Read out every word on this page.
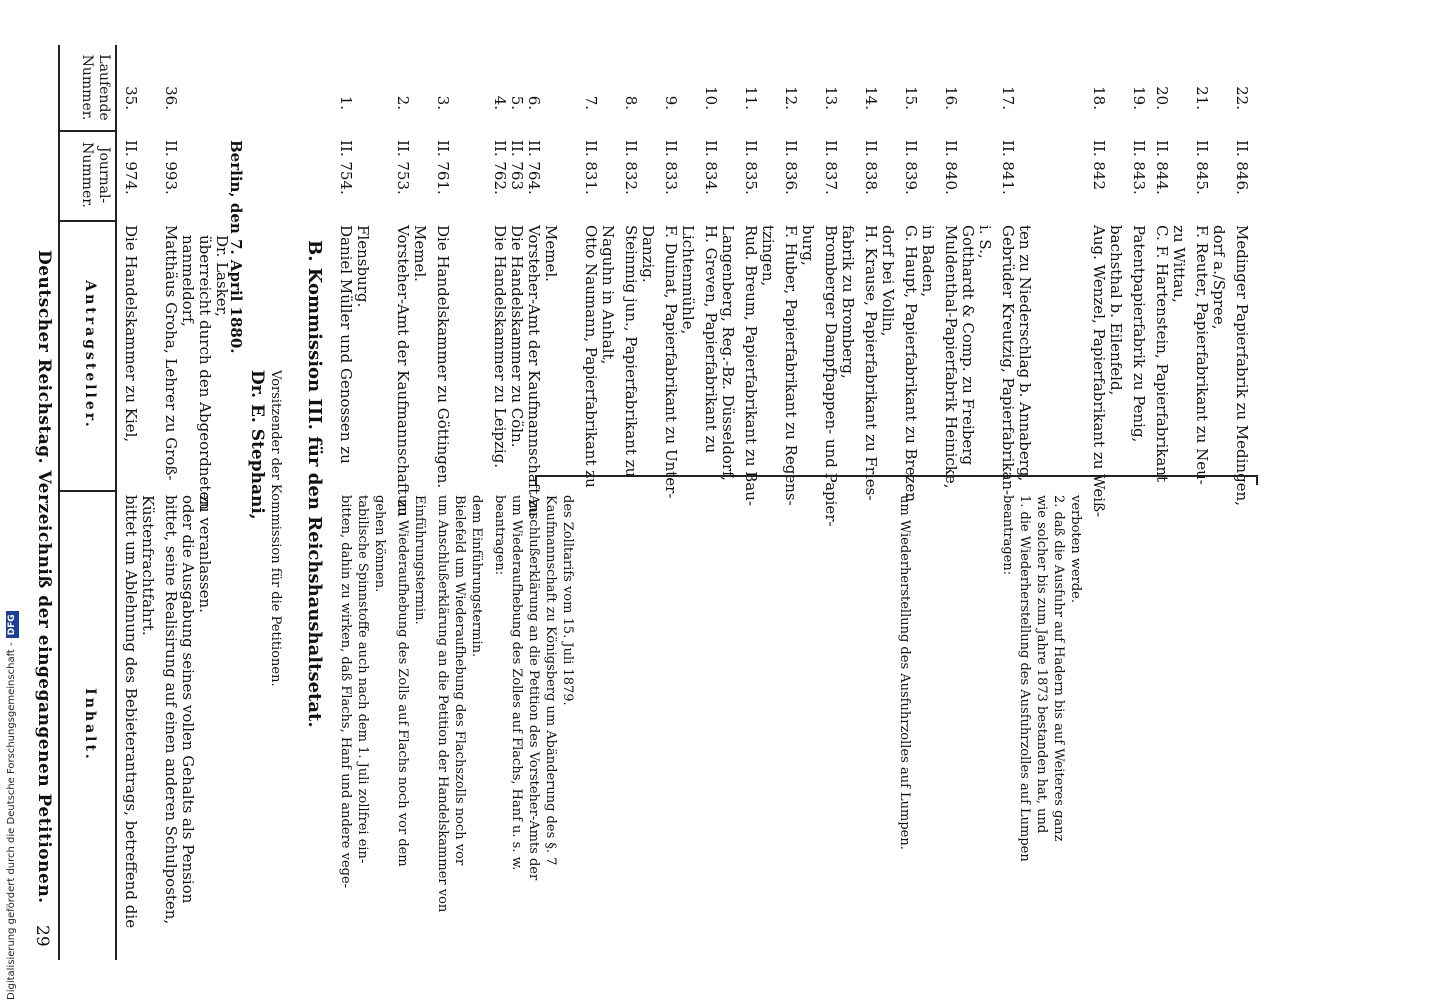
Deutscher Reichstag. Verzeichniß der eingegangenen Petitionen.
29
Laufende Nummer.
Journal-Nummer.
Antragsteller.
Inhalt.
35.
II. 974.
Die Handelskammer zu Kiel,
bittet um Ablehnung des Bebieterantrags, betreffend die Küstenfrachtfahrt.
36.
II. 993.
Matthäus Groha, Lehrer zu Groß- nanmeldorf, überreicht durch den Abgeordneten Dr. Lasker,
bittet, seine Realisirung auf einen anderen Schulposten, oder die Ausgabung seines vollen Gehalts als Pension zu veranlassen.
Berlin, den 7. April 1880.
Dr. E. Stephani, Vorsitzender der Kommission für die Petitionen. B. Kommission III. für den Reichshaushaltsetat.
1.
II. 754.
Daniel Müller und Genossen zu Flensburg.
bitten, dahin zu wirken, daß Flachs, Hanf und andere vege- tabilische Spinnstoffe auch nach dem 1. Juli zollfrei ein- gehen können.
2.
II. 753.
Vorsteher-Amt der Kaufmannschaft zu Memel.
um Wiederaufhebung des Zolls auf Flachs noch vor dem Einführungstermin.
3.
II. 761.
Die Handelskammer zu Göttingen.
um Anschlußerklärung an die Petition der Handelskammer von Bielefeld um Wiederaufhebung des Flachszolls noch vor dem Einführungstermin.
4. 5. 6.
II. 762. II. 763 II. 764.
Die Handelskammer zu Leipzig. Die Handelskammer zu Cöln. Vorsteher-Amt der Kaufmannschaft zu Memel.
beantragen: um Wiederaufhebung des Zolles auf Flachs, Hanf u. s. w. Anschlußerklärung an die Petition des Vorsteher-Amts der Kaufmannschaft zu Königsberg um Abänderung des §. 7 des Zolltarifs vom 15. Juli 1879.
7.
II. 831.
Otto Naumann, Papierfabrikant zu Naguhn in Anhalt,
8.
II. 832.
Steinmig jun., Papierfabrikant zu Danzig.
9.
II. 833.
F. Duinat, Papierfabrikant zu Unter- Lichtenmühle,
10.
II. 834.
H. Greven, Papierfabrikant zu Langenberg, Reg.-Bz. Düsseldorf,
11.
II. 835.
Rud. Breum, Papierfabrikant zu Bau- tzingen,
12.
II. 836.
F. Huber, Papierfabrikant zu Regens- burg,
13.
II. 837.
Bromberger Dampfpappen- und Papier- fabrik zu Bromberg,
14.
II. 838.
H. Krause, Papierfabrikant zu Fries- dorf bei Vollin,
15.
II. 839.
G. Haupt, Papierfabrikant zu Brezen in Baden,
16.
II. 840.
Muldenthal-Papierfabrik Heinicke, Gotthardt & Comp. zu Freiberg i. S.,
17.
II. 841.
Gebrüder Kreutzig, Papierfabrikan- ten zu Niederschlag b. Annaberg,
beantragen: 1. die Wiederherstellung des Ausfuhrzolles auf Lumpen wie solcher bis zum Jahre 1873 bestanden hat, und 2. daß die Ausfuhr auf Hadern bis auf Weiteres ganz verboten werde.
18.
II. 842
Aug. Wenzel, Papierfabrikant zu Weiß- bachsthal b. Eilenfeld,
19.
II. 843.
Patentpapierfabrik zu Penig,
20.
II. 844.
C. F. Hartenstein, Papierfabrikant zu Wittau,
21.
II. 845.
F. Reuter, Papierfabrikant zu Neu- dorf a./Spree,
22.
II. 846.
Medinger Papierfabrik zu Medingen,
um Wiederherstellung des Ausfuhrzolles auf Lumpen.
Digitalisierung gefördert durch die Deutsche Forschungsgemeinschaft -
DFG
